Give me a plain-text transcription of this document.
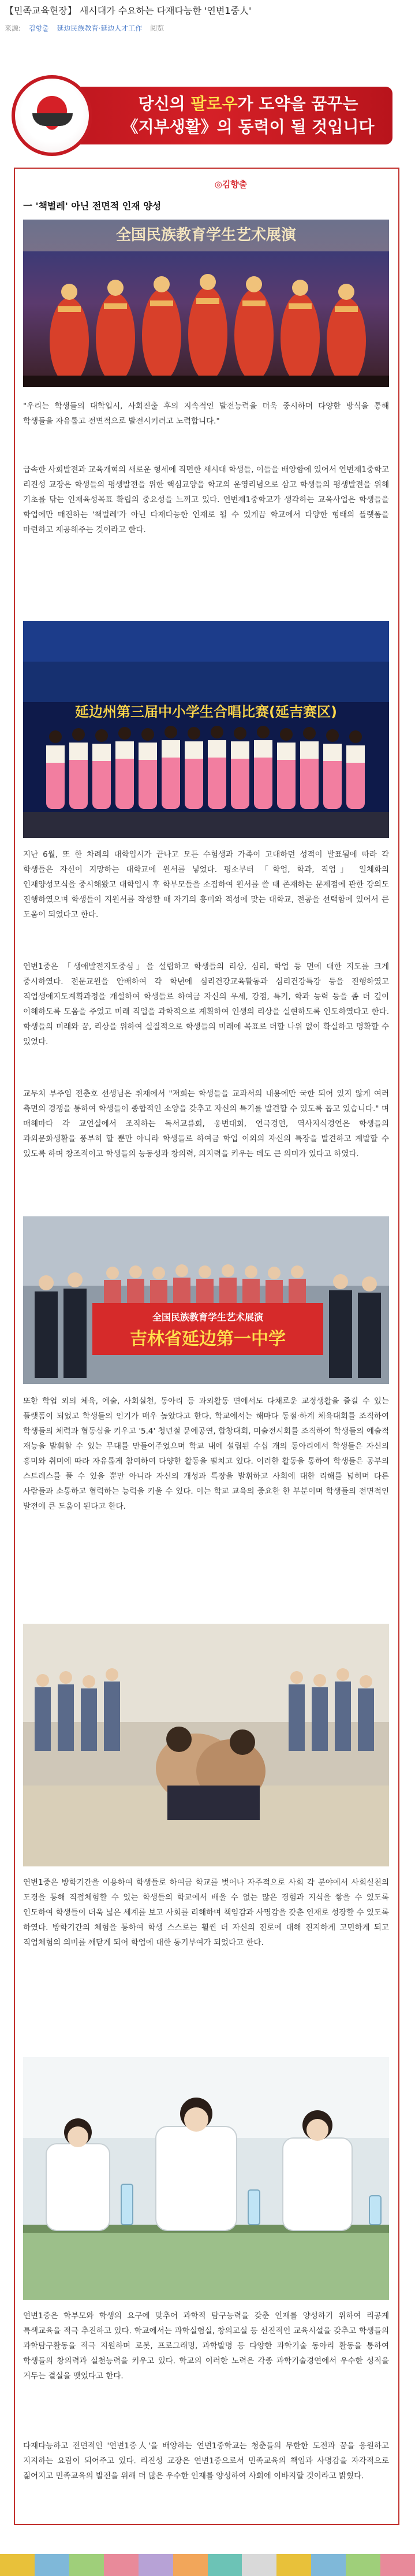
【민족교육현장】 새시대가 수요하는 다재다능한 '연변1중人'
来源: 김향출 延边民族教育·延边人才工作 阅览
당신의 팔로우가 도약을 꿈꾸는
《지부생활》의 동력이 될 것입니다
◎김향출
一 '책벌레' 아닌 전면적 인재 양성
全国民族教育学生艺术展演
"우리는 학생들의 대학입시, 사회진출 후의 지속적인 발전능력을 더욱 중시하며 다양한 방식을 통해 학생들을 자유롭고 전면적으로 발전시키려고 노력합니다."
급속한 사회발전과 교육개혁의 새로운 형세에 직면한 새시대 학생들, 이들을 배양함에 있어서 연변제1중학교 리진성 교장은 학생들의 평생발전을 위한 핵심교양을 학교의 운영리념으로 삼고 학생들의 평생발전을 위해 기초를 닦는 인재육성목표 확립의 중요성을 느끼고 있다. 연변제1중학교가 생각하는 교육사업은 학생들을 학업에만 매진하는 '책벌레'가 아닌 다재다능한 인재로 될 수 있게끔 학교에서 다양한 형태의 플랫폼을 마련하고 제공해주는 것이라고 한다.
延边州第三届中小学生合唱比赛(延吉赛区)
지난 6월, 또 한 차례의 대학입시가 끝나고 모든 수험생과 가족이 고대하던 성적이 발표됨에 따라 각 학생들은 자신이 지망하는 대학교에 원서를 넣었다. 평소부터 「학업, 학과, 직업」 일체화의 인재양성모식을 중시해왔고 대학입시 후 학부모들을 소집하여 원서를 쓸 때 존재하는 문제점에 관한 강의도 진행하였으며 학생들이 지원서를 작성할 때 자기의 흥미와 적성에 맞는 대학교, 전공을 선택함에 있어서 큰 도움이 되었다고 한다.
연변1중은 「생애발전지도중심」을 설립하고 학생들의 리상, 심리, 학업 등 면에 대한 지도를 크게 중시하였다. 전문교원을 안배하여 각 학년에 심리건강교육활동과 심리건강특강 등을 진행하였고 직업생애지도계획과정을 개설하여 학생들로 하여금 자신의 우세, 강점, 특기, 학과 능력 등을 좀 더 깊이 이해하도록 도움을 주었고 미래 직업을 과학적으로 계획하여 인생의 리상을 실현하도록 인도하였다고 한다. 학생들의 미래와 꿈, 리상을 위하여 실질적으로 학생들의 미래에 목표로 더할 나위 없이 확실하고 명확할 수 있었다.
교무처 부주임 전춘호 선생님은 취재에서 "저희는 학생들을 교과서의 내용에만 국한 되어 있지 않게 여러 측면의 경쟁을 통하여 학생들이 종합적인 소양을 갖추고 자신의 특기를 발견할 수 있도록 돕고 있습니다." 며 매해마다 각 교연실에서 조직하는 독서교류회, 웅변대회, 연극경연, 역사지식경연은 학생들의 과외문화생활을 풍부히 할 뿐만 아니라 학생들로 하여금 학업 이외의 자신의 특장을 발견하고 계발할 수 있도록 하며 창조적이고 학생들의 능동성과 창의력, 의지력을 키우는 데도 큰 의미가 있다고 하였다.
全国民族教育学生艺术展演
吉林省延边第一中学
또한 학업 외의 체육, 예술, 사회실천, 동아리 등 과외활동 면에서도 다채로운 교정생활을 즐길 수 있는 플랫폼이 되었고 학생들의 인기가 매우 높았다고 한다. 학교에서는 해마다 동절·하계 체육대회를 조직하여 학생들의 체력과 협동심을 키우고 '5.4' 청년절 문예공연, 합창대회, 미술전시회를 조직하여 학생들의 예술적 재능을 발휘할 수 있는 무대를 만들어주었으며 학교 내에 설립된 수십 개의 동아리에서 학생들은 자신의 흥미와 취미에 따라 자유롭게 참여하여 다양한 활동을 펼치고 있다. 이러한 활동을 통하여 학생들은 공부의 스트레스를 풀 수 있을 뿐만 아니라 자신의 개성과 특장을 발휘하고 사회에 대한 리해를 넓히며 다른 사람들과 소통하고 협력하는 능력을 키울 수 있다. 이는 학교 교육의 중요한 한 부분이며 학생들의 전면적인 발전에 큰 도움이 된다고 한다.
연변1중은 방학기간을 이용하여 학생들로 하여금 학교를 벗어나 자주적으로 사회 각 분야에서 사회실천의 도경을 통해 직접체험할 수 있는 학생들의 학교에서 배울 수 없는 많은 경험과 지식을 쌓을 수 있도록 인도하여 학생들이 더욱 넓은 세계를 보고 사회를 리해하며 책임감과 사명감을 갖춘 인재로 성장할 수 있도록 하였다. 방학기간의 체험을 통하여 학생 스스로는 훨씬 더 자신의 진로에 대해 진지하게 고민하게 되고 직업체험의 의미를 깨닫게 되어 학업에 대한 동기부여가 되었다고 한다.
연변1중은 학부모와 학생의 요구에 맞추어 과학적 탐구능력을 갖춘 인재를 양성하기 위하여 리공계 특색교육을 적극 추진하고 있다. 학교에서는 과학실험실, 창의교실 등 선진적인 교육시설을 갖추고 학생들의 과학탐구활동을 적극 지원하며 로봇, 프로그래밍, 과학발명 등 다양한 과학기술 동아리 활동을 통하여 학생들의 창의력과 실천능력을 키우고 있다. 학교의 이러한 노력은 각종 과학기술경연에서 우수한 성적을 거두는 결실을 맺었다고 한다.
다재다능하고 전면적인 '연변1중人'을 배양하는 연변1중학교는 청춘들의 무한한 도전과 꿈을 응원하고 지지하는 요람이 되어주고 있다. 리진성 교장은 연변1중으로서 민족교육의 책임과 사명감을 자각적으로 짊어지고 민족교육의 발전을 위해 더 많은 우수한 인재를 양성하여 사회에 이바지할 것이라고 밝혔다.
